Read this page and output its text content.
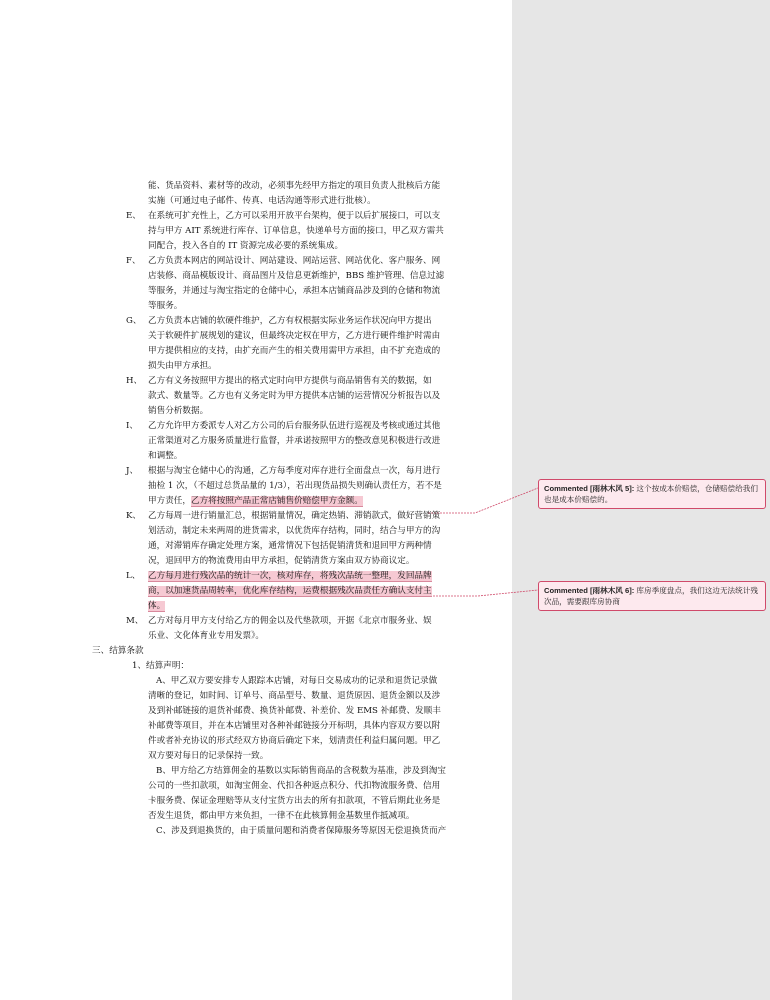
能、货品资料、素材等的改动，必须事先经甲方指定的项目负责人批核后方能
实施（可通过电子邮件、传真、电话沟通等形式进行批核）。
E、 在系统可扩充性上，乙方可以采用开放平台架构，便于以后扩展接口，可以支
持与甲方 AIT 系统进行库存、订单信息，快递单号方面的接口，甲乙双方需共
同配合，投入各自的 IT 资源完成必要的系统集成。
F、 乙方负责本网店的网站设计、网站建设、网站运营、网站优化、客户服务、网
店装修、商品模版设计、商品图片及信息更新维护，BBS 维护管理、信息过滤
等服务，并通过与淘宝指定的仓储中心，承担本店铺商品涉及到的仓储和物流
等服务。
G、 乙方负责本店铺的软硬件维护，乙方有权根据实际业务运作状况向甲方提出
关于软硬件扩展规划的建议，但最终决定权在甲方，乙方进行硬件维护时需由
甲方提供相应的支持，由扩充而产生的相关费用需甲方承担，由不扩充造成的
损失由甲方承担。
H、 乙方有义务按照甲方提出的格式定时向甲方提供与商品销售有关的数据，如
款式、数量等。乙方也有义务定时为甲方提供本店铺的运营情况分析报告以及
销售分析数据。
I、 乙方允许甲方委派专人对乙方公司的后台服务队伍进行巡视及考核或通过其他
正常渠道对乙方服务质量进行监督，并承诺按照甲方的整改意见积极进行改进
和调整。
J、 根据与淘宝仓储中心的沟通，乙方每季度对库存进行全面盘点一次，每月进行
抽检 1 次，（不超过总货品量的 1/3），若出现货品损失则确认责任方，若不是
甲方责任，乙方将按照产品正常店铺售价赔偿甲方金额。
K、 乙方每周一进行销量汇总，根据销量情况，确定热销、滞销款式，做好营销策
划活动，制定未来两周的进货需求，以优货库存结构，同时，结合与甲方的沟
通，对滞销库存确定处理方案，通常情况下包括促销清货和退回甲方两种情
况，退回甲方的物流费用由甲方承担，促销清货方案由双方协商议定。
L、 乙方每月进行残次品的统计一次，核对库存，将残次品统一整理，发回品牌
商，以加速货品周转率，优化库存结构，运费根据残次品责任方确认支付主
体。
M、 乙方对每月甲方支付给乙方的佣金以及代垫款项，开据《北京市服务业、娱
乐业、文化体育业专用发票》。
三、结算条款
1、结算声明：
A、甲乙双方要安排专人跟踪本店铺，对每日交易成功的记录和退货记录做
清晰的登记，如时间、订单号、商品型号、数量、退货原因、退货金额以及涉
及到补邮链接的退货补邮费、换货补邮费、补差价、发 EMS 补邮费、发顺丰
补邮费等项目，并在本店铺里对各种补邮链接分开标明，具体内容双方要以附
件或者补充协议的形式经双方协商后确定下来，划清责任利益归属问题。甲乙
双方要对每日的记录保持一致。
B、甲方给乙方结算佣金的基数以实际销售商品的含税数为基准，涉及到淘宝
公司的一些扣款项，如淘宝佣金、代扣各种返点积分、代扣物流服务费、信用
卡服务费、保证金理赔等从支付宝货方出去的所有扣款项，不管后期此业务是
否发生退货，都由甲方来负担，一律不在此核算佣金基数里作抵减项。
C、涉及到退换货的，由于质量问题和消费者保障服务等原因无偿退换货而产
Commented [雨林木风 5]: 这个按成本价赔偿，仓储赔偿给我们也是成本价赔偿的。
Commented [雨林木风 6]: 库房季度盘点，我们这边无法统计残次品，需要跟库房协商
